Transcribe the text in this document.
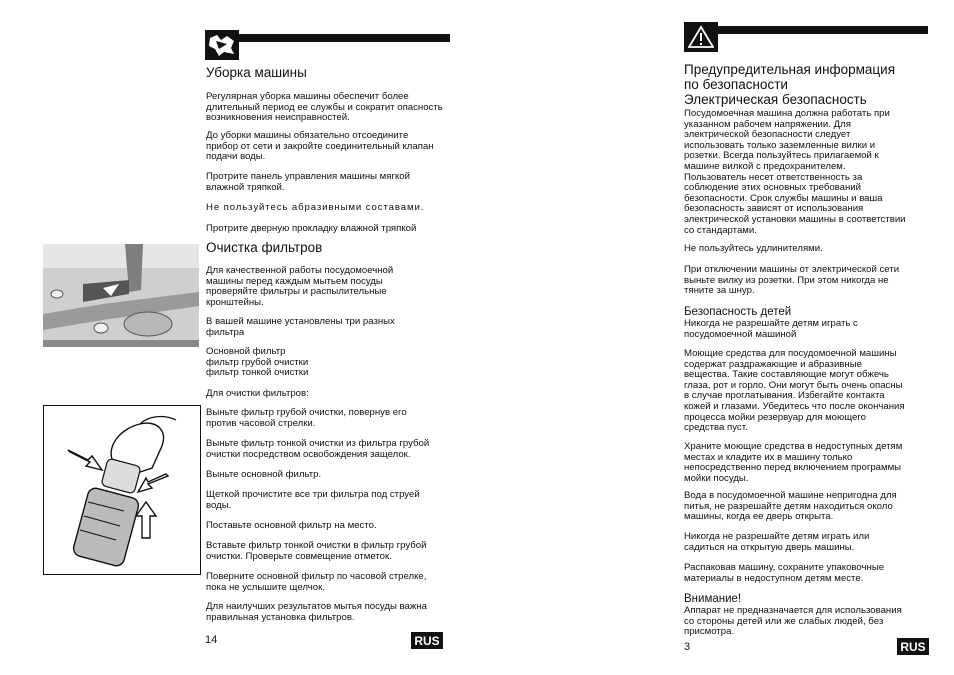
Уборка машины
Регулярная уборка машины обеспечит более
длительный период ее службы и сократит опасность
возникновения неисправностей.
До уборки машины обязательно отсоедините
прибор от сети и закройте соединительный клапан
подачи воды.
Протрите панель управления машины мягкой
влажной тряпкой.
Не пользуйтесь абразивными составами.
Протрите дверную прокладку влажной тряпкой
Очистка фильтров
Для качественной работы посудомоечной
машины перед каждым мытьем посуды
проверяйте фильтры и распылительные
кронштейны.
В вашей машине установлены три разных
фильтра
Основной фильтр
фильтр грубой очистки
фильтр тонкой очистки
Для очистки фильтров:
Выньте фильтр грубой очистки, повернув его
против часовой стрелки.
Выньте фильтр тонкой очистки из фильтра грубой
очистки посредством освобождения защелок.
Выньте основной фильтр.
Щеткой прочистите все три фильтра под струей
воды.
Поставьте основной фильтр на место.
Вставьте фильтр тонкой очистки в фильтр грубой
очистки. Проверьте совмещение отметок.
Поверните основной фильтр по часовой стрелке,
пока не услышите щелчок.
Для наилучших результатов мытья посуды важна
правильная установка фильтров.
14	RUS
Предупредительная информация
по безопасности
Электрическая безопасность
Посудомоечная машина должна работать при
указанном рабочем напряжении. Для
электрической безопасности следует
использовать только заземленные вилки и
розетки. Всегда пользуйтесь прилагаемой к
машине вилкой с предохранителем.
Пользователь несет ответственность за
соблюдение этих основных требований
безопасности. Срок службы машины и ваша
безопасность зависят от использования
электрической установки машины в соответствии
со стандартами.
Не пользуйтесь удлинителями.
При отключении машины от электрической сети
выньте вилку из розетки. При этом никогда не
тяните за шнур.
Безопасность детей
Никогда не разрешайте детям играть с
посудомоечной машиной
Моющие средства для посудомоечной машины
содержат раздражающие и абразивные
вещества. Такие составляющие могут обжечь
глаза, рот и горло. Они могут быть очень опасны
в случае проглатывания. Избегайте контакта
кожей и глазами. Убедитесь что после окончания
процесса мойки резервуар для моющего
средства пуст.
Храните моющие средства в недоступных детям
местах и кладите их в машину только
непосредственно перед включением программы
мойки посуды.
Вода в посудомоечной машине непригодна для
питья, не разрешайте детям находиться около
машины, когда ее дверь открыта.
Никогда не разрешайте детям играть или
садиться на открытую дверь машины.
Распаковав машину, сохраните упаковочные
материалы в недоступном детям месте.
Внимание!
Аппарат не предназначается для использования
со стороны детей или же слабых людей, без
присмотра.
3	RUS
